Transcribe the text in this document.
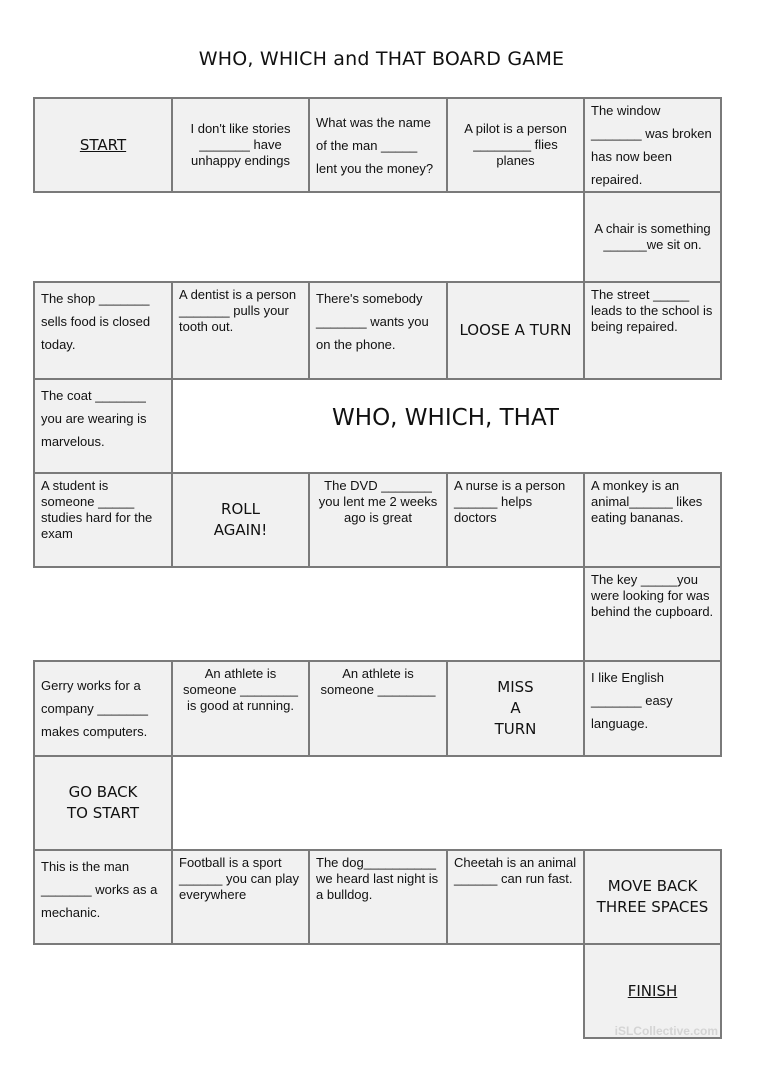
WHO, WHICH and THAT BOARD GAME
WHO, WHICH, THAT
START
I don't like stories _______ have unhappy endings
What was the name of the man _____ lent you the money?
A pilot is a person ________ flies planes
The window _______ was broken has now been repaired.
A chair is something ______we sit on.
The shop _______ sells food is closed today.
A dentist is a person _______ pulls your tooth out.
There's somebody _______ wants you on the phone.
LOOSE A TURN
The street _____ leads to the school is being repaired.
The coat _______ you are wearing is marvelous.
A student is someone _____ studies hard for the exam
ROLL
AGAIN!
The DVD _______ you lent me 2 weeks ago is great
A nurse is a person ______ helps doctors
A monkey is an animal______ likes eating bananas.
The key _____you were looking for was behind the cupboard.
Gerry works for a company _______ makes computers.
An athlete is someone ________ is good at running.
An athlete is someone ________	MISS
A
TURN
I like English _______ easy language.
GO BACK
TO START
This is the man _______ works as a mechanic.
Football is a sport ______ you can play everywhere
The dog__________ we heard last night is a bulldog.
Cheetah is an animal ______ can run fast.	MOVE BACK
THREE SPACES
FINISH
iSLCollective.com
